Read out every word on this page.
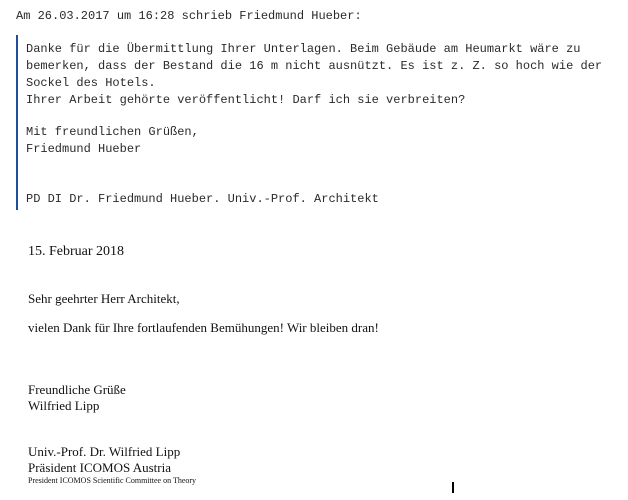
Am 26.03.2017 um 16:28 schrieb Friedmund Hueber:
Danke für die Übermittlung Ihrer Unterlagen. Beim Gebäude am Heumarkt wäre zu
bemerken, dass der Bestand die 16 m nicht ausnützt. Es ist z. Z. so hoch wie der
Sockel des Hotels.
Ihrer Arbeit gehörte veröffentlicht! Darf ich sie verbreiten?
Mit freundlichen Grüßen,
Friedmund Hueber
PD DI Dr. Friedmund Hueber. Univ.-Prof. Architekt
15. Februar 2018
Sehr geehrter Herr Architekt,
vielen Dank für Ihre fortlaufenden Bemühungen! Wir bleiben dran!
Freundliche Grüße
Wilfried Lipp
Univ.-Prof. Dr. Wilfried Lipp
Präsident ICOMOS Austria
President ICOMOS Scientific Committee on Theory
